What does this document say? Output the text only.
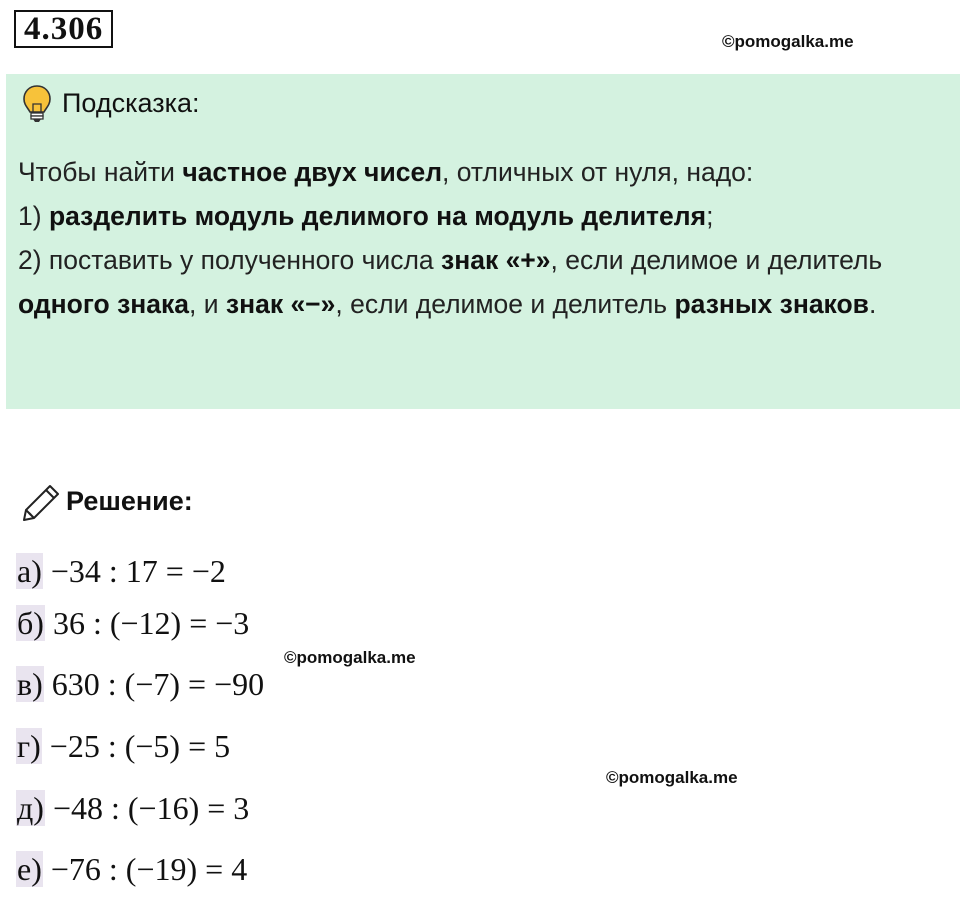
4.306	©pomogalka.me
Подсказка:
Чтобы найти частное двух чисел, отличных от нуля, надо:
1) разделить модуль делимого на модуль делителя;
2) поставить у полученного числа знак «+», если делимое и делитель одного знака, и знак «−», если делимое и делитель разных знаков.
Решение:
а) −34 : 17 = −2
б) 36 : (−12) = −3
в) 630 : (−7) = −90
г) −25 : (−5) = 5
д) −48 : (−16) = 3
е) −76 : (−19) = 4
©pomogalka.me
©pomogalka.me
